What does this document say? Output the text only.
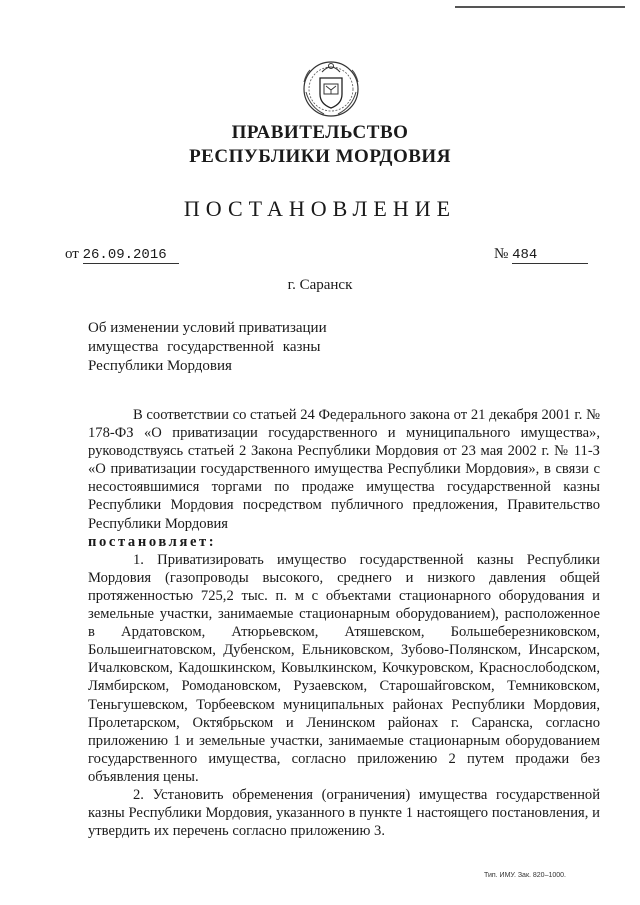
ПРАВИТЕЛЬСТВО
РЕСПУБЛИКИ МОРДОВИЯ
ПОСТАНОВЛЕНИЕ
от 26.09.2016	№ 484
г. Саранск
Об изменении условий приватизации
имущества государственной казны
Республики Мордовия

В соответствии со статьей 24 Федерального закона от 21 декабря 2001 г. № 178-ФЗ «О приватизации государственного и муниципального имущества», руководствуясь статьей 2 Закона Республики Мордовия от 23 мая 2002 г. № 11-З «О приватизации государственного имущества Республики Мордовия», в связи с несостоявшимися торгами по продаже имущества государственной казны Республики Мордовия посредством публичного предложения, Правительство Республики Мордовия

постановляет:

1. Приватизировать имущество государственной казны Республики Мордовия (газопроводы высокого, среднего и низкого давления общей протяженностью 725,2 тыс. п. м с объектами стационарного оборудования и земельные участки, занимаемые стационарным оборудованием), расположенное в Ардатовском, Атюрьевском, Атяшевском, Большеберезниковском, Большеигнатовском, Дубенском, Ельниковском, Зубово-Полянском, Инсарском, Ичалковском, Кадошкинском, Ковылкинском, Кочкуровском, Краснослободском, Лямбирском, Ромодановском, Рузаевском, Старошайговском, Темниковском, Теньгушевском, Торбеевском муниципальных районах Республики Мордовия, Пролетарском, Октябрьском и Ленинском районах г. Саранска, согласно приложению 1 и земельные участки, занимаемые стационарным оборудованием государственного имущества, согласно приложению 2 путем продажи без объявления цены.

2. Установить обременения (ограничения) имущества государственной казны Республики Мордовия, указанного в пункте 1 настоящего постановления, и утвердить их перечень согласно приложению 3.

Тип. ИМУ. Зак. 820–1000.
